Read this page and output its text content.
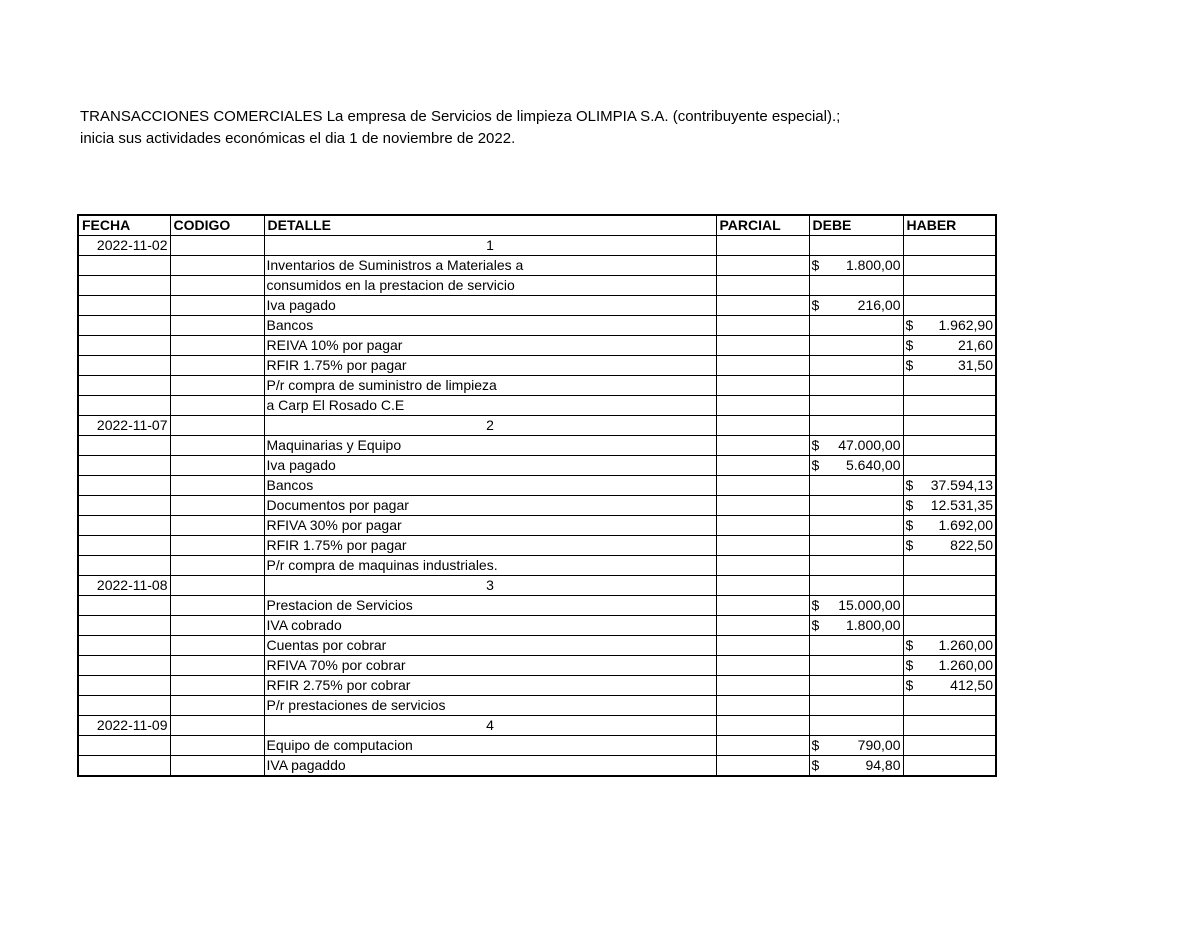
TRANSACCIONES COMERCIALES La empresa de Servicios de limpieza OLIMPIA S.A. (contribuyente especial).;
inicia sus actividades económicas el dia 1 de noviembre de 2022.
FECHA	CODIGO	DETALLE	PARCIAL	DEBE	HABER
2022-11-02		1			
		Inventarios de Suministros a Materiales a		$ 1.800,00	

		consumidos en la prestacion de servicio			
		Iva pagado		$ 216,00	

		Bancos			$ 1.962,90

		REIVA 10% por pagar			$ 21,60

		RFIR 1.75% por pagar			$ 31,50

		P/r compra de suministro de limpieza			
		a Carp El Rosado C.E			
2022-11-07		2			
		Maquinarias y Equipo		$ 47.000,00	

		Iva pagado		$ 5.640,00	

		Bancos			$ 37.594,13

		Documentos por pagar			$ 12.531,35

		RFIVA 30% por pagar			$ 1.692,00

		RFIR 1.75% por pagar			$ 822,50

		P/r compra de maquinas industriales.			
2022-11-08		3			
		Prestacion de Servicios		$ 15.000,00	

		IVA cobrado		$ 1.800,00	

		Cuentas por cobrar			$ 1.260,00

		RFIVA 70% por cobrar			$ 1.260,00

		RFIR 2.75% por cobrar			$ 412,50

		P/r prestaciones de servicios			
2022-11-09		4			
		Equipo de computacion		$ 790,00	

		IVA pagaddo		$ 94,80	
